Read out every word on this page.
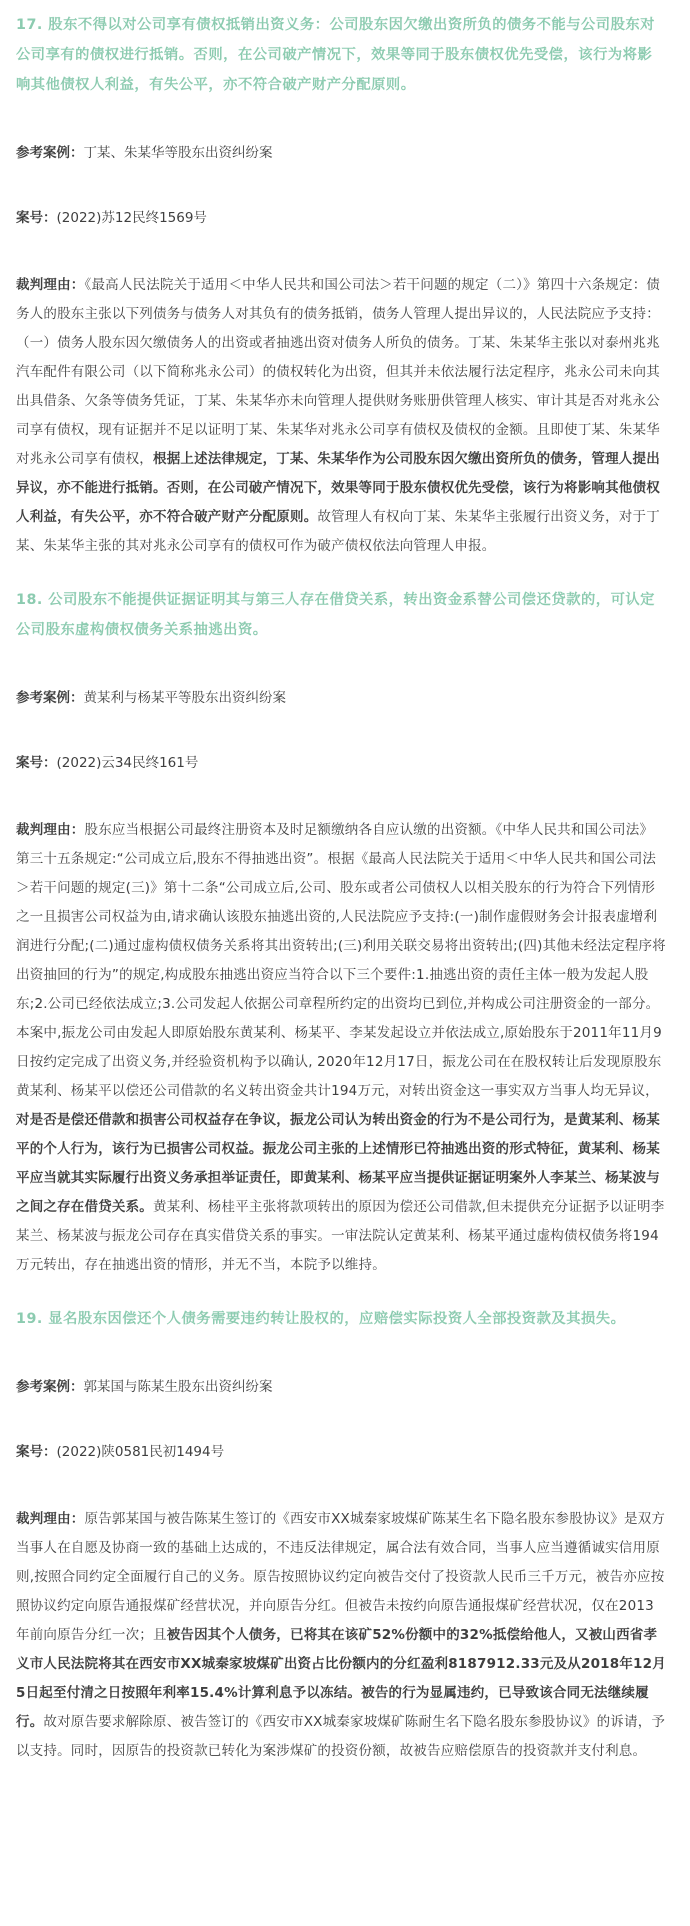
17. 股东不得以对公司享有债权抵销出资义务：公司股东因欠缴出资所负的债务不能与公司股东对公司享有的债权进行抵销。否则，在公司破产情况下，效果等同于股东债权优先受偿，该行为将影响其他债权人利益，有失公平，亦不符合破产财产分配原则。

参考案例：丁某、朱某华等股东出资纠纷案

案号：(2022)苏12民终1569号

裁判理由：《最高人民法院关于适用＜中华人民共和国公司法＞若干问题的规定（二）》第四十六条规定：债务人的股东主张以下列债务与债务人对其负有的债务抵销，债务人管理人提出异议的，人民法院应予支持：（一）债务人股东因欠缴债务人的出资或者抽逃出资对债务人所负的债务。丁某、朱某华主张以对泰州兆兆汽车配件有限公司（以下简称兆永公司）的债权转化为出资，但其并未依法履行法定程序，兆永公司未向其出具借条、欠条等债务凭证，丁某、朱某华亦未向管理人提供财务账册供管理人核实、审计其是否对兆永公司享有债权，现有证据并不足以证明丁某、朱某华对兆永公司享有债权及债权的金额。且即使丁某、朱某华对兆永公司享有债权，根据上述法律规定，丁某、朱某华作为公司股东因欠缴出资所负的债务，管理人提出异议，亦不能进行抵销。否则，在公司破产情况下，效果等同于股东债权优先受偿，该行为将影响其他债权人利益，有失公平，亦不符合破产财产分配原则。故管理人有权向丁某、朱某华主张履行出资义务，对于丁某、朱某华主张的其对兆永公司享有的债权可作为破产债权依法向管理人申报。

18. 公司股东不能提供证据证明其与第三人存在借贷关系，转出资金系替公司偿还贷款的，可认定公司股东虚构债权债务关系抽逃出资。

参考案例：黄某利与杨某平等股东出资纠纷案

案号：(2022)云34民终161号

裁判理由：股东应当根据公司最终注册资本及时足额缴纳各自应认缴的出资额。《中华人民共和国公司法》第三十五条规定:“公司成立后,股东不得抽逃出资”。根据《最高人民法院关于适用＜中华人民共和国公司法＞若干问题的规定(三)》第十二条“公司成立后,公司、股东或者公司债权人以相关股东的行为符合下列情形之一且损害公司权益为由,请求确认该股东抽逃出资的,人民法院应予支持:(一)制作虚假财务会计报表虚增利润进行分配;(二)通过虚构债权债务关系将其出资转出;(三)利用关联交易将出资转出;(四)其他未经法定程序将出资抽回的行为”的规定,构成股东抽逃出资应当符合以下三个要件:1.抽逃出资的责任主体一般为发起人股东;2.公司已经依法成立;3.公司发起人依据公司章程所约定的出资均已到位,并构成公司注册资金的一部分。本案中,振龙公司由发起人即原始股东黄某利、杨某平、李某发起设立并依法成立,原始股东于2011年11月9日按约定完成了出资义务,并经验资机构予以确认, 2020年12月17日，振龙公司在在股权转让后发现原股东黄某利、杨某平以偿还公司借款的名义转出资金共计194万元，对转出资金这一事实双方当事人均无异议，对是否是偿还借款和损害公司权益存在争议，振龙公司认为转出资金的行为不是公司行为，是黄某利、杨某平的个人行为，该行为已损害公司权益。振龙公司主张的上述情形已符抽逃出资的形式特征，黄某利、杨某平应当就其实际履行出资义务承担举证责任，即黄某利、杨某平应当提供证据证明案外人李某兰、杨某波与之间之存在借贷关系。黄某利、杨桂平主张将款项转出的原因为偿还公司借款,但未提供充分证据予以证明李某兰、杨某波与振龙公司存在真实借贷关系的事实。一审法院认定黄某利、杨某平通过虚构债权债务将194万元转出，存在抽逃出资的情形，并无不当，本院予以维持。

19. 显名股东因偿还个人债务需要违约转让股权的，应赔偿实际投资人全部投资款及其损失。

参考案例：郭某国与陈某生股东出资纠纷案

案号：(2022)陕0581民初1494号

裁判理由：原告郭某国与被告陈某生签订的《西安市XX城秦家坡煤矿陈某生名下隐名股东参股协议》是双方当事人在自愿及协商一致的基础上达成的，不违反法律规定，属合法有效合同，当事人应当遵循诚实信用原则,按照合同约定全面履行自己的义务。原告按照协议约定向被告交付了投资款人民币三千万元，被告亦应按照协议约定向原告通报煤矿经营状况，并向原告分红。但被告未按约向原告通报煤矿经营状况，仅在2013年前向原告分红一次；且被告因其个人债务，已将其在该矿52%份额中的32%抵偿给他人，又被山西省孝义市人民法院将其在西安市XX城秦家坡煤矿出资占比份额内的分红盈利8187912.33元及从2018年12月5日起至付清之日按照年利率15.4%计算利息予以冻结。被告的行为显属违约，已导致该合同无法继续履行。故对原告要求解除原、被告签订的《西安市XX城秦家坡煤矿陈耐生名下隐名股东参股协议》的诉请，予以支持。同时，因原告的投资款已转化为案涉煤矿的投资份额，故被告应赔偿原告的投资款并支付利息。
